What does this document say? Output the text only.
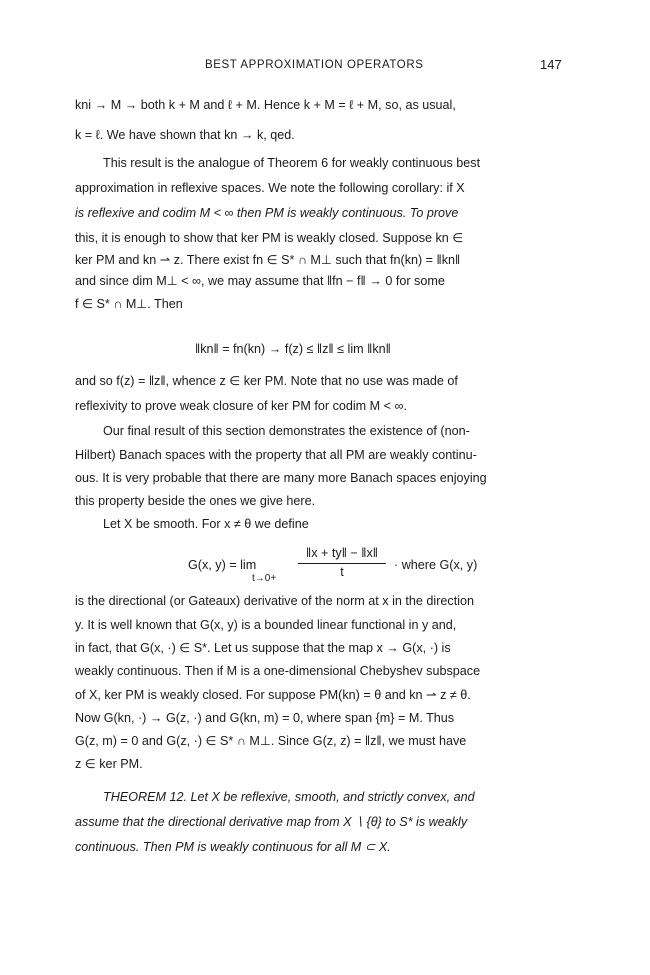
BEST APPROXIMATION OPERATORS	147
kni → M → both k + M and ℓ + M. Hence k + M = ℓ + M, so, as usual,
k = ℓ. We have shown that kn → k, qed.
This result is the analogue of Theorem 6 for weakly continuous best
approximation in reflexive spaces. We note the following corollary: if X
is reflexive and codim M < ∞ then PM is weakly continuous. To prove
this, it is enough to show that ker PM is weakly closed. Suppose kn ∈
ker PM and kn ⇀ z. There exist fn ∈ S* ∩ M⊥ such that fn(kn) = ‖kn‖
and since dim M⊥ < ∞, we may assume that ‖fn − f‖ → 0 for some
f ∈ S* ∩ M⊥. Then
‖kn‖ = fn(kn) → f(z) ≤ ‖z‖ ≤ lim ‖kn‖
and so f(z) = ‖z‖, whence z ∈ ker PM. Note that no use was made of
reflexivity to prove weak closure of ker PM for codim M < ∞.
Our final result of this section demonstrates the existence of (non-
Hilbert) Banach spaces with the property that all PM are weakly continu-
ous. It is very probable that there are many more Banach spaces enjoying
this property beside the ones we give here.
Let X be smooth. For x ≠ θ we define
G(x, y) = lim
t→0+
‖x + ty‖ − ‖x‖
t	· where G(x, y)
is the directional (or Gateaux) derivative of the norm at x in the direction
y. It is well known that G(x, y) is a bounded linear functional in y and,
in fact, that G(x, ·) ∈ S*. Let us suppose that the map x → G(x, ·) is
weakly continuous. Then if M is a one-dimensional Chebyshev subspace
of X, ker PM is weakly closed. For suppose PM(kn) = θ and kn ⇀ z ≠ θ.
Now G(kn, ·) → G(z, ·) and G(kn, m) = 0, where span {m} = M. Thus
G(z, m) = 0 and G(z, ·) ∈ S* ∩ M⊥. Since G(z, z) = ‖z‖, we must have
z ∈ ker PM.
THEOREM 12. Let X be reflexive, smooth, and strictly convex, and
assume that the directional derivative map from X ∖ {θ} to S* is weakly
continuous. Then PM is weakly continuous for all M ⊂ X.
